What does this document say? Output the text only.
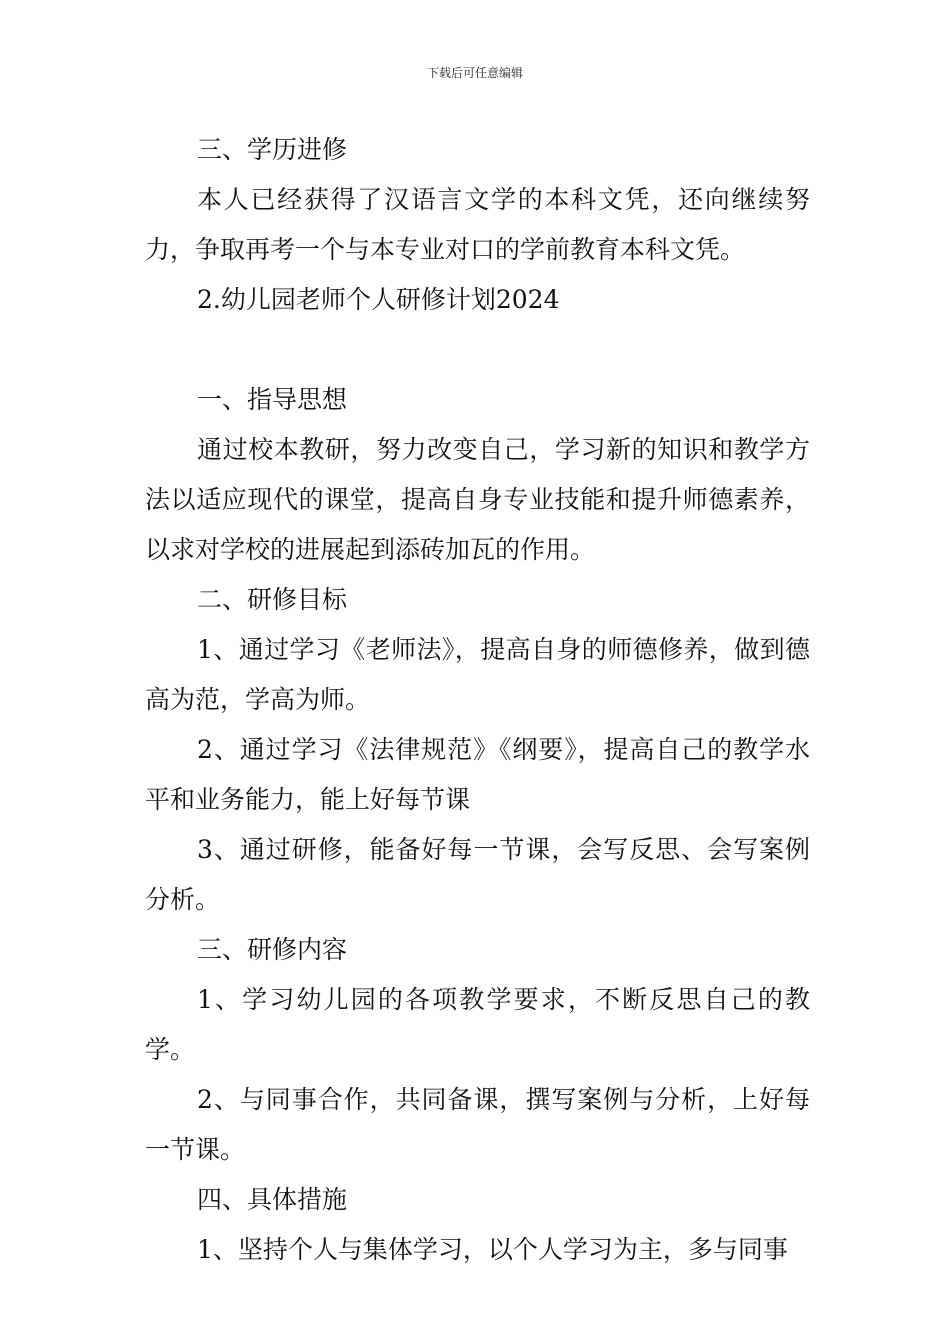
下载后可任意编辑

三、学历进修

本人已经获得了汉语言文学的本科文凭，还向继续努力，争取再考一个与本专业对口的学前教育本科文凭。

2.幼儿园老师个人研修计划2024

一、指导思想

通过校本教研，努力改变自己，学习新的知识和教学方法以适应现代的课堂，提高自身专业技能和提升师德素养，以求对学校的进展起到添砖加瓦的作用。

二、研修目标

1、通过学习《老师法》，提高自身的师德修养，做到德高为范，学高为师。

2、通过学习《法律规范》《纲要》，提高自己的教学水平和业务能力，能上好每节课

3、通过研修，能备好每一节课，会写反思、会写案例分析。

三、研修内容

1、学习幼儿园的各项教学要求，不断反思自己的教学。

2、与同事合作，共同备课，撰写案例与分析，上好每一节课。

四、具体措施

1、坚持个人与集体学习，以个人学习为主，多与同事
